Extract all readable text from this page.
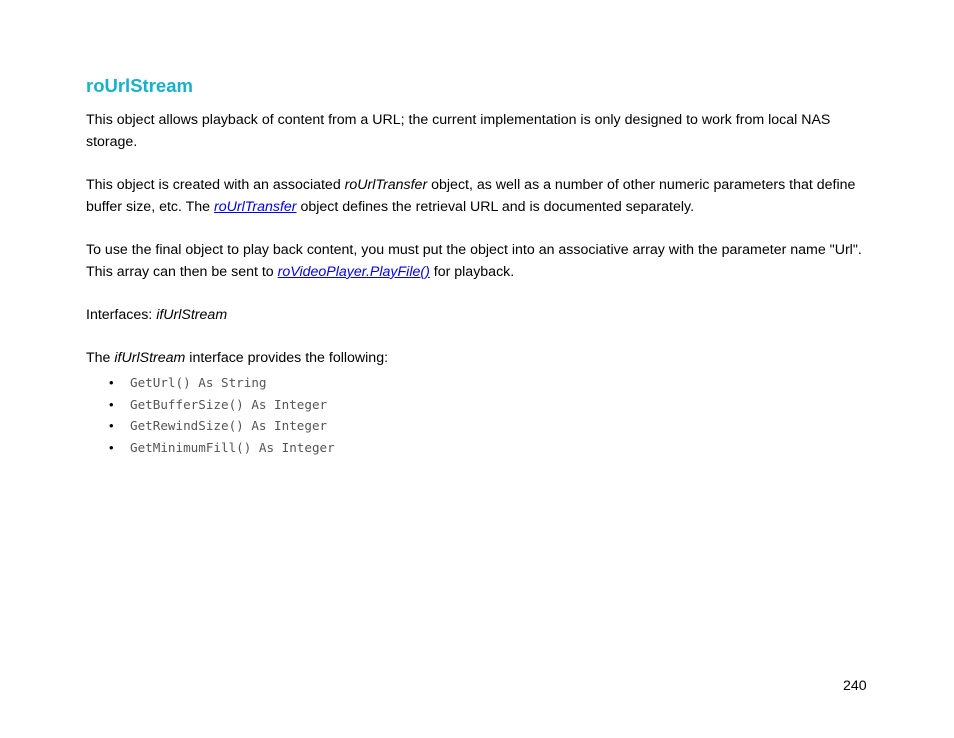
roUrlStream

This object allows playback of content from a URL; the current implementation is only designed to work from local NAS storage.

This object is created with an associated roUrlTransfer object, as well as a number of other numeric parameters that define buffer size, etc. The roUrlTransfer object defines the retrieval URL and is documented separately.

To use the final object to play back content, you must put the object into an associative array with the parameter name "Url". This array can then be sent to roVideoPlayer.PlayFile() for playback.

Interfaces: ifUrlStream

The ifUrlStream interface provides the following:

• GetUrl() As String
• GetBufferSize() As Integer
• GetRewindSize() As Integer
• GetMinimumFill() As Integer
240
